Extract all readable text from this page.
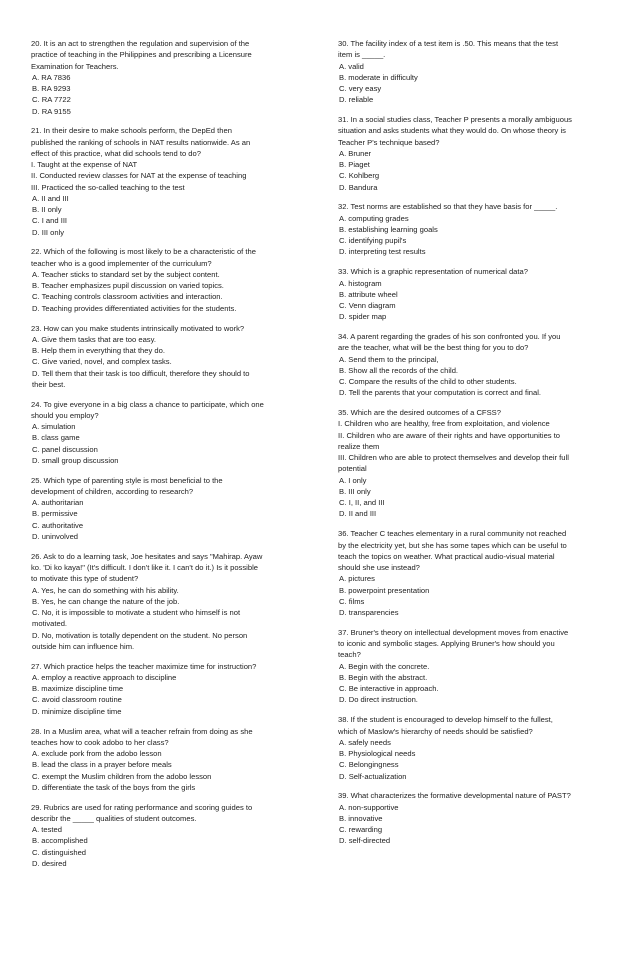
20. It is an act to strengthen the regulation and supervision of the
practice of teaching in the Philippines and prescribing a Licensure
Examination for Teachers.

A. RA 7836
B. RA 9293
C. RA 7722
D. RA 9155

21. In their desire to make schools perform, the DepEd then
published the ranking of schools in NAT results nationwide. As an
effect of this practice, what did schools tend to do?
I. Taught at the expense of NAT
II. Conducted review classes for NAT at the expense of teaching
III. Practiced the so-called teaching to the test

A. II and III
B. II only
C. I and III
D. III only

22. Which of the following is most likely to be a characteristic of the
teacher who is a good implementer of the curriculum?

A. Teacher sticks to standard set by the subject content.
B. Teacher emphasizes pupil discussion on varied topics.
C. Teaching controls classroom activities and interaction.
D. Teaching provides differentiated activities for the students.

23. How can you make students intrinsically motivated to work?

A. Give them tasks that are too easy.
B. Help them in everything that they do.
C. Give varied, novel, and complex tasks.
D. Tell them that their task is too difficult, therefore they should to
their best.

24. To give everyone in a big class a chance to participate, which one
should you employ?

A. simulation
B. class game
C. panel discussion
D. small group discussion

25. Which type of parenting style is most beneficial to the
development of children, according to research?

A. authoritarian
B. permissive
C. authoritative
D. uninvolved

26. Ask to do a learning task, Joe hesitates and says "Mahirap. Ayaw
ko. 'Di ko kaya!" (It's difficult. I don't like it. I can't do it.) Is it possible
to motivate this type of student?

A. Yes, he can do something with his ability.
B. Yes, he can change the nature of the job.
C. No, it is impossible to motivate a student who himself is not
motivated.
D. No, motivation is totally dependent on the student. No person
outside him can influence him.

27. Which practice helps the teacher maximize time for instruction?

A. employ a reactive approach to discipline
B. maximize discipline time
C. avoid classroom routine
D. minimize discipline time

28. In a Muslim area, what will a teacher refrain from doing as she
teaches how to cook adobo to her class?

A. exclude pork from the adobo lesson
B. lead the class in a prayer before meals
C. exempt the Muslim children from the adobo lesson
D. differentiate the task of the boys from the girls

29. Rubrics are used for rating performance and scoring guides to
describr the _____ qualities of student outcomes.

A. tested
B. accomplished
C. distinguished
D. desired

30. The facility index of a test item is .50. This means that the test
item is _____.

A. valid
B. moderate in difficulty
C. very easy
D. reliable

31. In a social studies class, Teacher P presents a morally ambiguous
situation and asks students what they would do. On whose theory is
Teacher P's technique based?

A. Bruner
B. Piaget
C. Kohlberg
D. Bandura

32. Test norms are established so that they have basis for _____.

A. computing grades
B. establishing learning goals
C. identifying pupil's
D. interpreting test results

33. Which is a graphic representation of numerical data?

A. histogram
B. attribute wheel
C. Venn diagram
D. spider map

34. A parent regarding the grades of his son confronted you. If you
are the teacher, what will be the best thing for you to do?

A. Send them to the principal,
B. Show all the records of the child.
C. Compare the results of the child to other students.
D. Tell the parents that your computation is correct and final.

35. Which are the desired outcomes of a CFSS?
I. Children who are healthy, free from exploitation, and violence
II. Children who are aware of their rights and have opportunities to
realize them
III. Children who are able to protect themselves and develop their full
potential

A. I only
B. III only
C. I, II, and III
D. II and III

36. Teacher C teaches elementary in a rural community not reached
by the electricity yet, but she has some tapes which can be useful to
teach the topics on weather. What practical audio-visual material
should she use instead?

A. pictures
B. powerpoint presentation
C. films
D. transparencies

37. Bruner's theory on intellectual development moves from enactive
to iconic and symbolic stages. Applying Bruner's how should you
teach?

A. Begin with the concrete.
B. Begin with the abstract.
C. Be interactive in approach.
D. Do direct instruction.

38. If the student is encouraged to develop himself to the fullest,
which of Maslow's hierarchy of needs should be satisfied?

A. safely needs
B. Physiological needs
C. Belongingness
D. Self-actualization

39. What characterizes the formative developmental nature of PAST?

A. non-supportive
B. innovative
C. rewarding
D. self-directed
